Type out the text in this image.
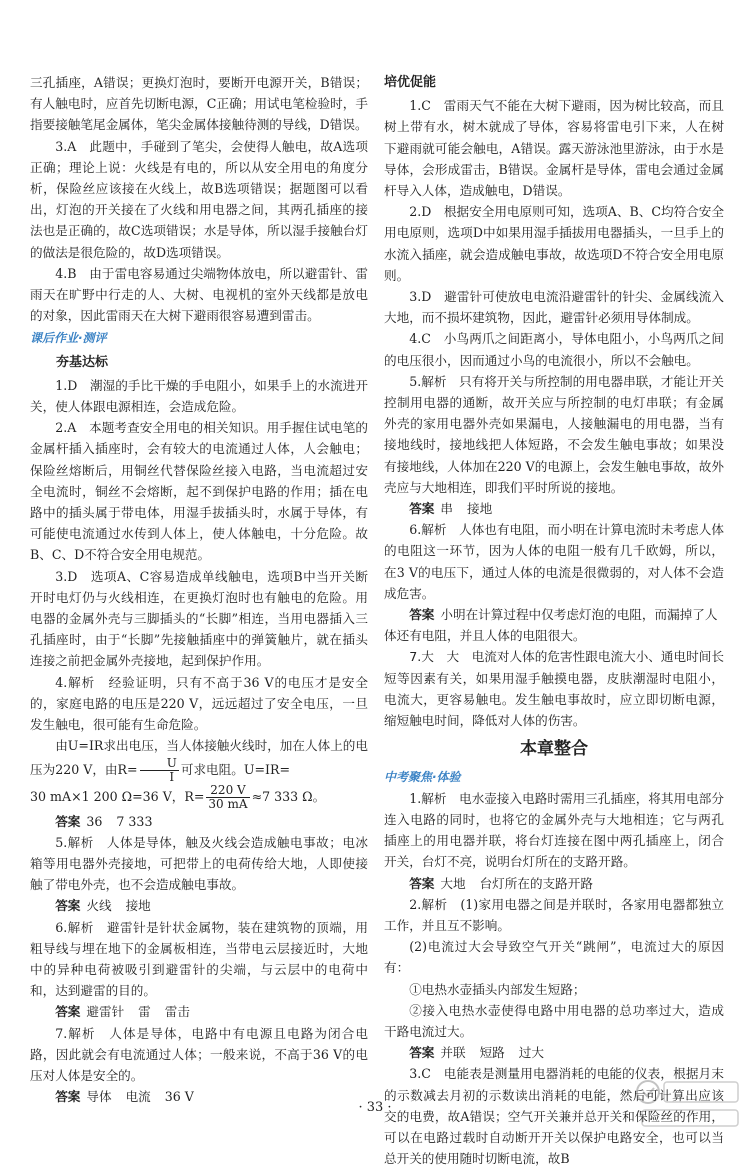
三孔插座，A错误；更换灯泡时，要断开电源开关，B错误；有人触电时，应首先切断电源，C正确；用试电笔检验时，手指要接触笔尾金属体，笔尖金属体接触待测的导线，D错误。

3.A　此题中，手碰到了笔尖，会使得人触电，故A选项正确；理论上说：火线是有电的，所以从安全用电的角度分析，保险丝应该接在火线上，故B选项错误；据题图可以看出，灯泡的开关接在了火线和用电器之间，其两孔插座的接法也是正确的，故C选项错误；水是导体，所以湿手接触台灯的做法是很危险的，故D选项错误。

4.B　由于雷电容易通过尖端物体放电，所以避雷针、雷雨天在旷野中行走的人、大树、电视机的室外天线都是放电的对象，因此雷雨天在大树下避雨很容易遭到雷击。

课后作业·测评
夯基达标

1.D　潮湿的手比干燥的手电阻小，如果手上的水流进开关，使人体跟电源相连，会造成危险。

2.A　本题考查安全用电的相关知识。用手握住试电笔的金属杆插入插座时，会有较大的电流通过人体，人会触电；保险丝熔断后，用铜丝代替保险丝接入电路，当电流超过安全电流时，铜丝不会熔断，起不到保护电路的作用；插在电路中的插头属于带电体，用湿手拔插头时，水属于导体，有可能使电流通过水传到人体上，使人体触电，十分危险。故B、C、D不符合安全用电规范。

3.D　选项A、C容易造成单线触电，选项B中当开关断开时电灯仍与火线相连，在更换灯泡时也有触电的危险。用电器的金属外壳与三脚插头的“长脚”相连，当用电器插入三孔插座时，由于“长脚”先接触插座中的弹簧触片，就在插头连接之前把金属外壳接地，起到保护作用。

4.解析　经验证明，只有不高于36 V的电压才是安全的，家庭电路的电压是220 V，远远超过了安全电压，一旦发生触电，很可能有生命危险。

由U=IR求出电压，当人体接触火线时，加在人体上的电压为220 V，由$R= \frac{U}{I}$ 可求电阻。U=IR=

30 mA×1 200 Ω=36 V，$R= \frac{220 V}{30 mA} \approx 7$ 333 Ω。

答案 36 7 333

5.解析　人体是导体，触及火线会造成触电事故；电冰箱等用电器外壳接地，可把带上的电荷传给大地，人即使接触了带电外壳，也不会造成触电事故。

答案 火线 接地

6.解析　避雷针是针状金属物，装在建筑物的顶端，用粗导线与埋在地下的金属板相连，当带电云层接近时，大地中的异种电荷被吸引到避雷针的尖端，与云层中的电荷中和，达到避雷的目的。

答案 避雷针 雷 雷击

7.解析　人体是导体，电路中有电源且电路为闭合电路，因此就会有电流通过人体；一般来说，不高于36 V的电压对人体是安全的。

答案 导体 电流 36 V

培优促能

1.C　雷雨天气不能在大树下避雨，因为树比较高，而且树上带有水，树木就成了导体，容易将雷电引下来，人在树下避雨就可能会触电，A错误。露天游泳池里游泳，由于水是导体，会形成雷击，B错误。金属杆是导体，雷电会通过金属杆导入人体，造成触电，D错误。

2.D　根据安全用电原则可知，选项A、B、C均符合安全用电原则，选项D中如果用湿手插拔用电器插头，一旦手上的水流入插座，就会造成触电事故，故选项D不符合安全用电原则。

3.D　避雷针可使放电电流沿避雷针的针尖、金属线流入大地，而不损坏建筑物，因此，避雷针必须用导体制成。

4.C　小鸟两爪之间距离小，导体电阻小，小鸟两爪之间的电压很小，因而通过小鸟的电流很小，所以不会触电。

5.解析　只有将开关与所控制的用电器串联，才能让开关控制用电器的通断，故开关应与所控制的电灯串联；有金属外壳的家用电器外壳如果漏电，人接触漏电的用电器，当有接地线时，接地线把人体短路，不会发生触电事故；如果没有接地线，人体加在220 V的电源上，会发生触电事故，故外壳应与大地相连，即我们平时所说的接地。

答案 串 接地

6.解析　人体也有电阻，而小明在计算电流时未考虑人体的电阻这一环节，因为人体的电阻一般有几千欧姆，所以，在3 V的电压下，通过人体的电流是很微弱的，对人体不会造成危害。

答案 小明在计算过程中仅考虑灯泡的电阻，而漏掉了人体还有电阻，并且人体的电阻很大。

7.大　大　电流对人体的危害性跟电流大小、通电时间长短等因素有关，如果用湿手触摸电器，皮肤潮湿时电阻小，电流大，更容易触电。发生触电事故时，应立即切断电源，缩短触电时间，降低对人体的伤害。

本章整合
中考聚焦·体验

1.解析　电水壶接入电路时需用三孔插座，将其用电部分连入电路的同时，也将它的金属外壳与大地相连；它与两孔插座上的用电器并联，将台灯连接在图中两孔插座上，闭合开关，台灯不亮，说明台灯所在的支路开路。

答案 大地 台灯所在的支路开路

2.解析　(1)家用电器之间是并联时，各家用电器都独立工作，并且互不影响。

(2)电流过大会导致空气开关“跳闸”，电流过大的原因有：

①电热水壶插头内部发生短路；

②接入电热水壶使得电路中用电器的总功率过大，造成干路电流过大。

答案 并联 短路 过大

3.C　电能表是测量用电器消耗的电能的仪表，根据月末的示数减去月初的示数读出消耗的电能，然后可计算出应该交的电费，故A错误；空气开关兼并总开关和保险丝的作用，可以在电路过载时自动断开开关以保护电路安全，也可以当总开关的使用随时切断电流，故B

· 33 ·
